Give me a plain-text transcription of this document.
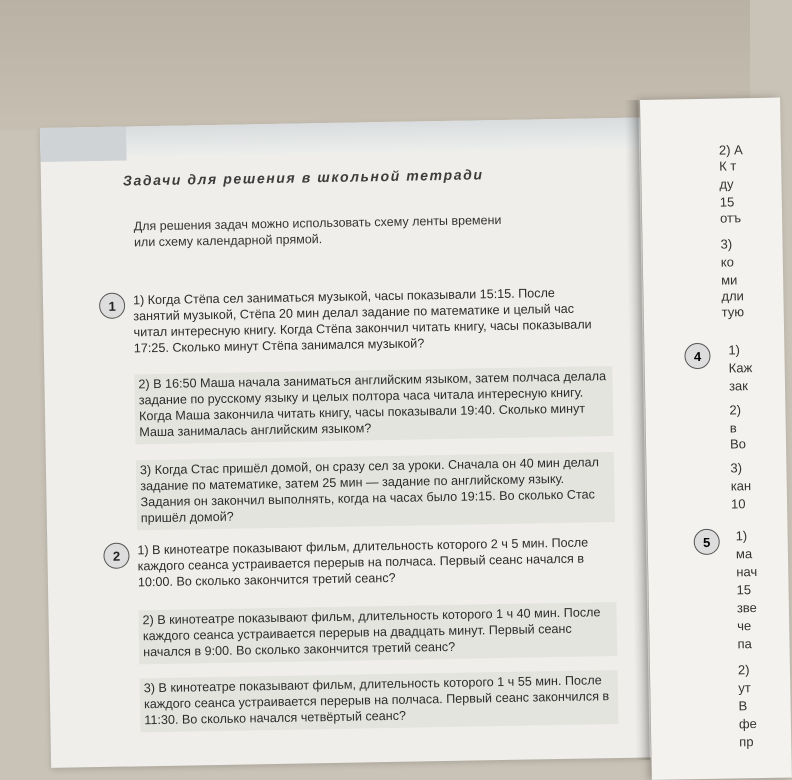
Задачи для решения в школьной тетради
Для решения задач можно использовать схему ленты времени или схему календарной прямой.
1	1) Когда Стёпа сел заниматься музыкой, часы показывали 15:15. После занятий музыкой, Стёпа 20 мин делал задание по математике и целый час читал интересную книгу. Когда Стёпа закончил читать книгу, часы показывали 17:25. Сколько минут Стёпа занимался музыкой?
2) В 16:50 Маша начала заниматься английским языком, затем полчаса делала задание по русскому языку и целых полтора часа читала интересную книгу. Когда Маша закончила читать книгу, часы показывали 19:40. Сколько минут Маша занималась английским языком?
3) Когда Стас пришёл домой, он сразу сел за уроки. Сначала он 40 мин делал задание по математике, затем 25 мин — задание по английскому языку. Задания он закончил выполнять, когда на часах было 19:15. Во сколько Стас пришёл домой?
2	1) В кинотеатре показывают фильм, длительность которого 2 ч 5 мин. После каждого сеанса устраивается перерыв на полчаса. Первый сеанс начался в 10:00. Во сколько закончится третий сеанс?
2) В кинотеатре показывают фильм, длительность которого 1 ч 40 мин. После каждого сеанса устраивается перерыв на двадцать минут. Первый сеанс начался в 9:00. Во сколько закончится третий сеанс?
3) В кинотеатре показывают фильм, длительность которого 1 ч 55 мин. После каждого сеанса устраивается перерыв на полчаса. Первый сеанс закончился в 11:30. Во сколько начался четвёртый сеанс?
2) А
К т
ду
15
отъ
3)
ко
ми
дли
тую
4	1)
Каж
зак
2)
в
Во
3)
кан
10
5	1)
ма
нач
15
зве
че
па
2)
ут
В
фе
пр
